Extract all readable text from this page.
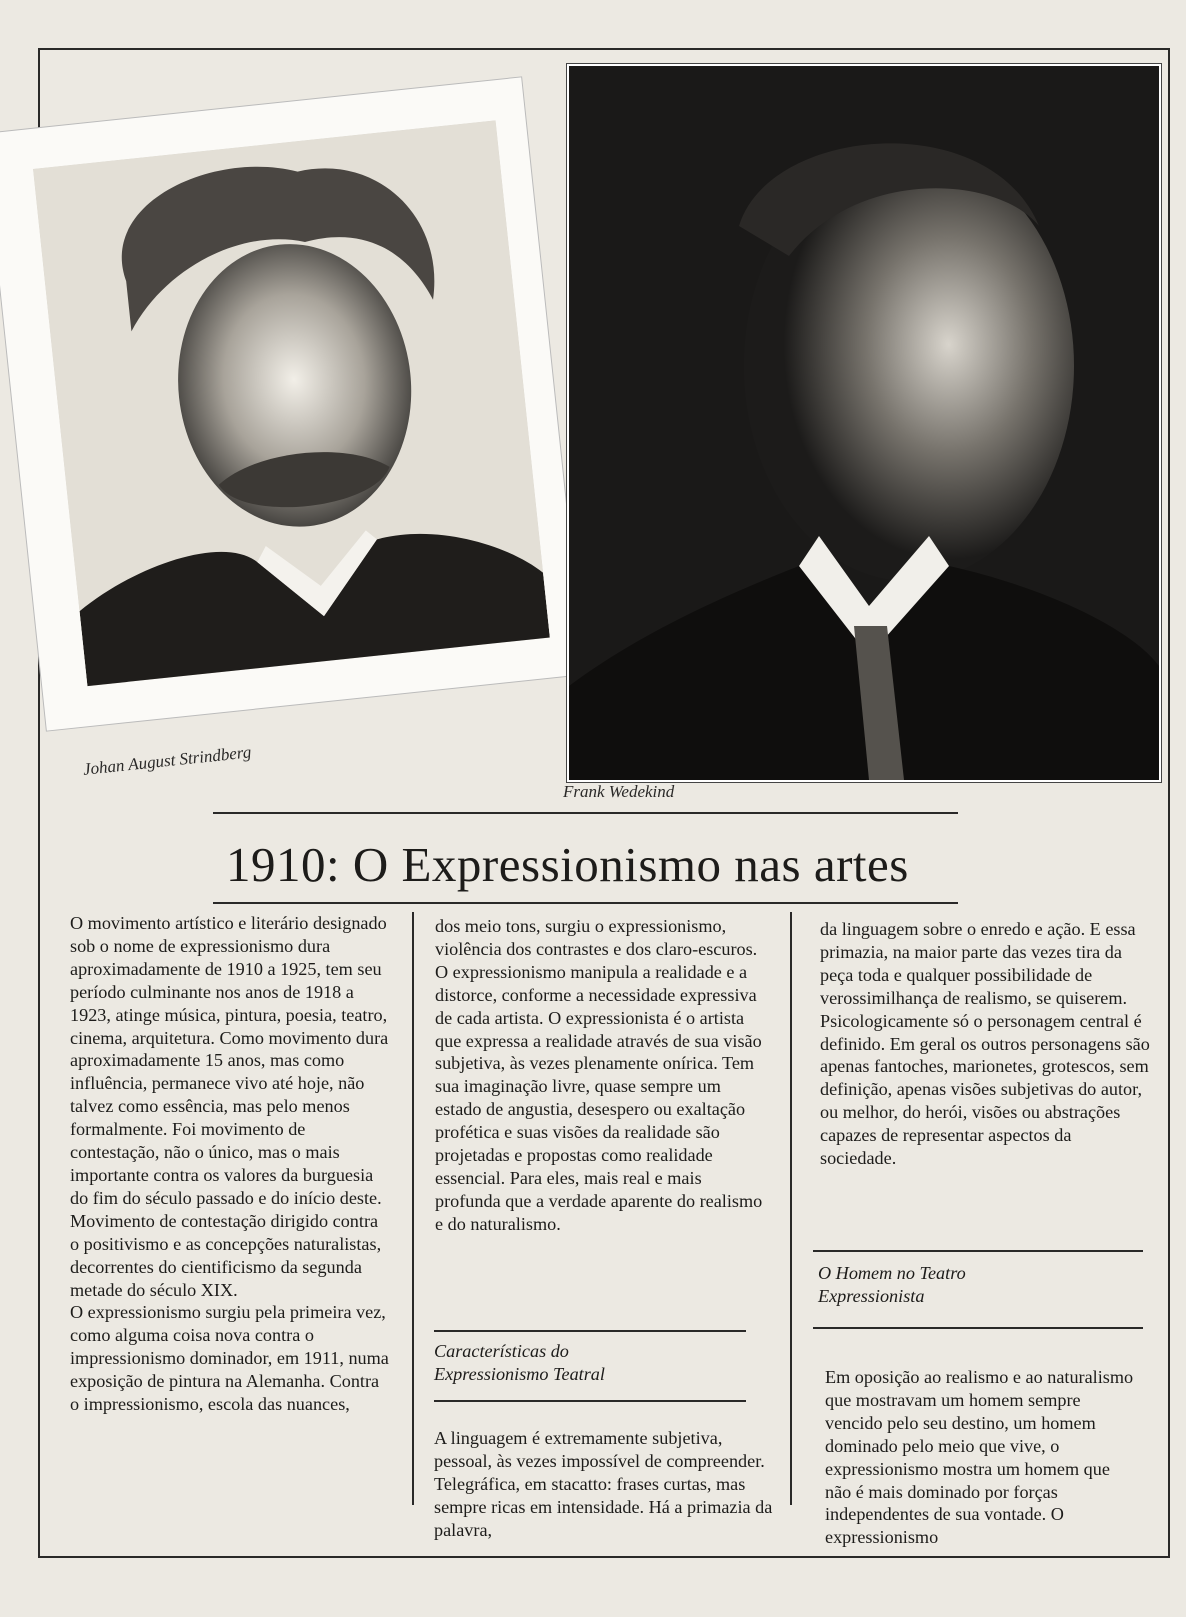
Johan August Strindberg
Frank Wedekind
1910: O Expressionismo nas artes

O movimento artístico e literário designado sob o nome de expressionismo dura aproximadamente de 1910 a 1925, tem seu período culminante nos anos de 1918 a 1923, atinge música, pintura, poesia, teatro, cinema, arquitetura. Como movimento dura aproximadamente 15 anos, mas como influência, permanece vivo até hoje, não talvez como essência, mas pelo menos formalmente. Foi movimento de contestação, não o único, mas o mais importante contra os valores da burguesia do fim do século passado e do início deste. Movimento de contestação dirigido contra o positivismo e as concepções naturalistas, decorrentes do cientificismo da segunda metade do século XIX.

O expressionismo surgiu pela primeira vez, como alguma coisa nova contra o impressionismo dominador, em 1911, numa exposição de pintura na Alemanha. Contra o impressionismo, escola das nuances,

dos meio tons, surgiu o expressionismo, violência dos contrastes e dos claro-escuros.

O expressionismo manipula a realidade e a distorce, conforme a necessidade expressiva de cada artista. O expressionista é o artista que expressa a realidade através de sua visão subjetiva, às vezes plenamente onírica. Tem sua imaginação livre, quase sempre um estado de angustia, desespero ou exaltação profética e suas visões da realidade são projetadas e propostas como realidade essencial. Para eles, mais real e mais profunda que a verdade aparente do realismo e do naturalismo.

Características do
Expressionismo Teatral

A linguagem é extremamente subjetiva, pessoal, às vezes impossível de compreender. Telegráfica, em stacatto: frases curtas, mas sempre ricas em intensidade. Há a primazia da palavra,

da linguagem sobre o enredo e ação. E essa primazia, na maior parte das vezes tira da peça toda e qualquer possibilidade de verossimilhança de realismo, se quiserem.

Psicologicamente só o personagem central é definido. Em geral os outros personagens são apenas fantoches, marionetes, grotescos, sem definição, apenas visões subjetivas do autor, ou melhor, do herói, visões ou abstrações capazes de representar aspectos da sociedade.

O Homem no Teatro
Expressionista

Em oposição ao realismo e ao naturalismo que mostravam um homem sempre vencido pelo seu destino, um homem dominado pelo meio que vive, o expressionismo mostra um homem que não é mais dominado por forças independentes de sua vontade. O expressionismo
